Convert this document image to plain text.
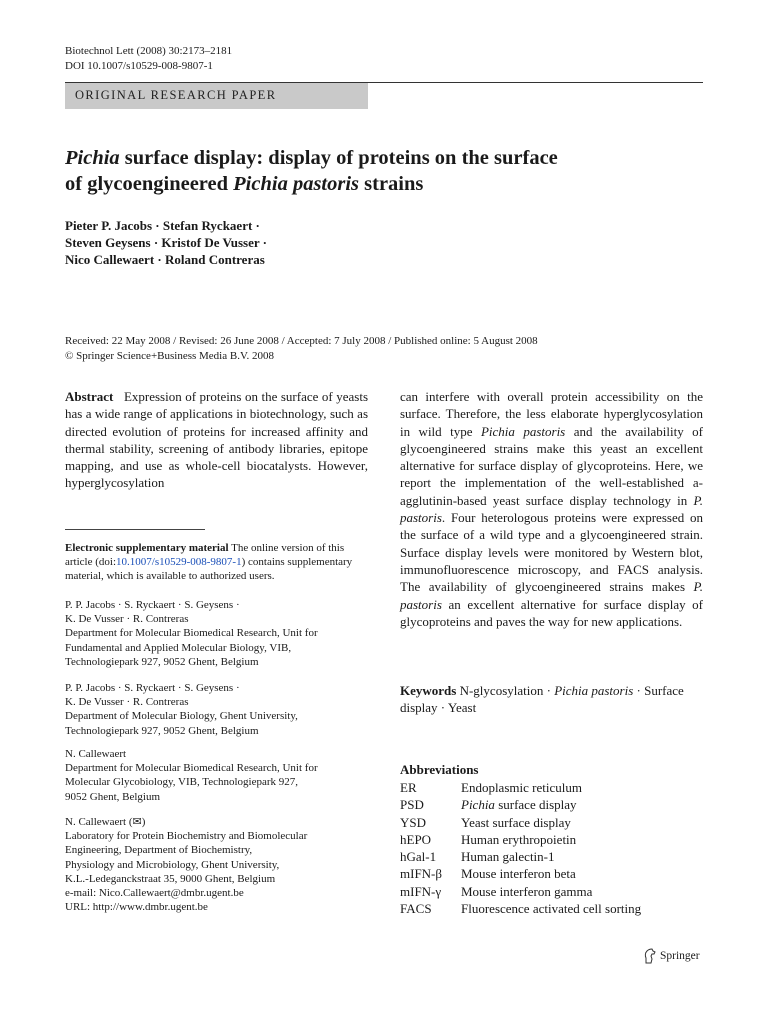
Biotechnol Lett (2008) 30:2173–2181
DOI 10.1007/s10529-008-9807-1
ORIGINAL RESEARCH PAPER
Pichia surface display: display of proteins on the surface
of glycoengineered Pichia pastoris strains
Pieter P. Jacobs · Stefan Ryckaert ·
Steven Geysens · Kristof De Vusser ·
Nico Callewaert · Roland Contreras
Received: 22 May 2008 / Revised: 26 June 2008 / Accepted: 7 July 2008 / Published online: 5 August 2008
© Springer Science+Business Media B.V. 2008
Abstract Expression of proteins on the surface of yeasts has a wide range of applications in biotechnology, such as directed evolution of proteins for increased affinity and thermal stability, screening of antibody libraries, epitope mapping, and use as whole-cell biocatalysts. However, hyperglycosylation
can interfere with overall protein accessibility on the surface. Therefore, the less elaborate hyperglycosylation in wild type Pichia pastoris and the availability of glycoengineered strains make this yeast an excellent alternative for surface display of glycoproteins. Here, we report the implementation of the well-established a-agglutinin-based yeast surface display technology in P. pastoris. Four heterologous proteins were expressed on the surface of a wild type and a glycoengineered strain. Surface display levels were monitored by Western blot, immunofluorescence microscopy, and FACS analysis. The availability of glycoengineered strains makes P. pastoris an excellent alternative for surface display of glycoproteins and paves the way for new applications.
Electronic supplementary material The online version of this article (doi:10.1007/s10529-008-9807-1) contains supplementary material, which is available to authorized users.
P. P. Jacobs · S. Ryckaert · S. Geysens ·
K. De Vusser · R. Contreras
Department for Molecular Biomedical Research, Unit for
Fundamental and Applied Molecular Biology, VIB,
Technologiepark 927, 9052 Ghent, Belgium
P. P. Jacobs · S. Ryckaert · S. Geysens ·
K. De Vusser · R. Contreras
Department of Molecular Biology, Ghent University,
Technologiepark 927, 9052 Ghent, Belgium
N. Callewaert
Department for Molecular Biomedical Research, Unit for
Molecular Glycobiology, VIB, Technologiepark 927,
9052 Ghent, Belgium
N. Callewaert (✉)
Laboratory for Protein Biochemistry and Biomolecular
Engineering, Department of Biochemistry,
Physiology and Microbiology, Ghent University,
K.L.-Ledeganckstraat 35, 9000 Ghent, Belgium
e-mail: Nico.Callewaert@dmbr.ugent.be
URL: http://www.dmbr.ugent.be
Keywords N-glycosylation · Pichia pastoris · Surface display · Yeast
Abbreviations
ER	Endoplasmic reticulum
PSD	Pichia surface display
YSD	Yeast surface display
hEPO	Human erythropoietin
hGal-1	Human galectin-1
mIFN-β	Mouse interferon beta
mIFN-γ	Mouse interferon gamma
FACS	Fluorescence activated cell sorting
Springer
